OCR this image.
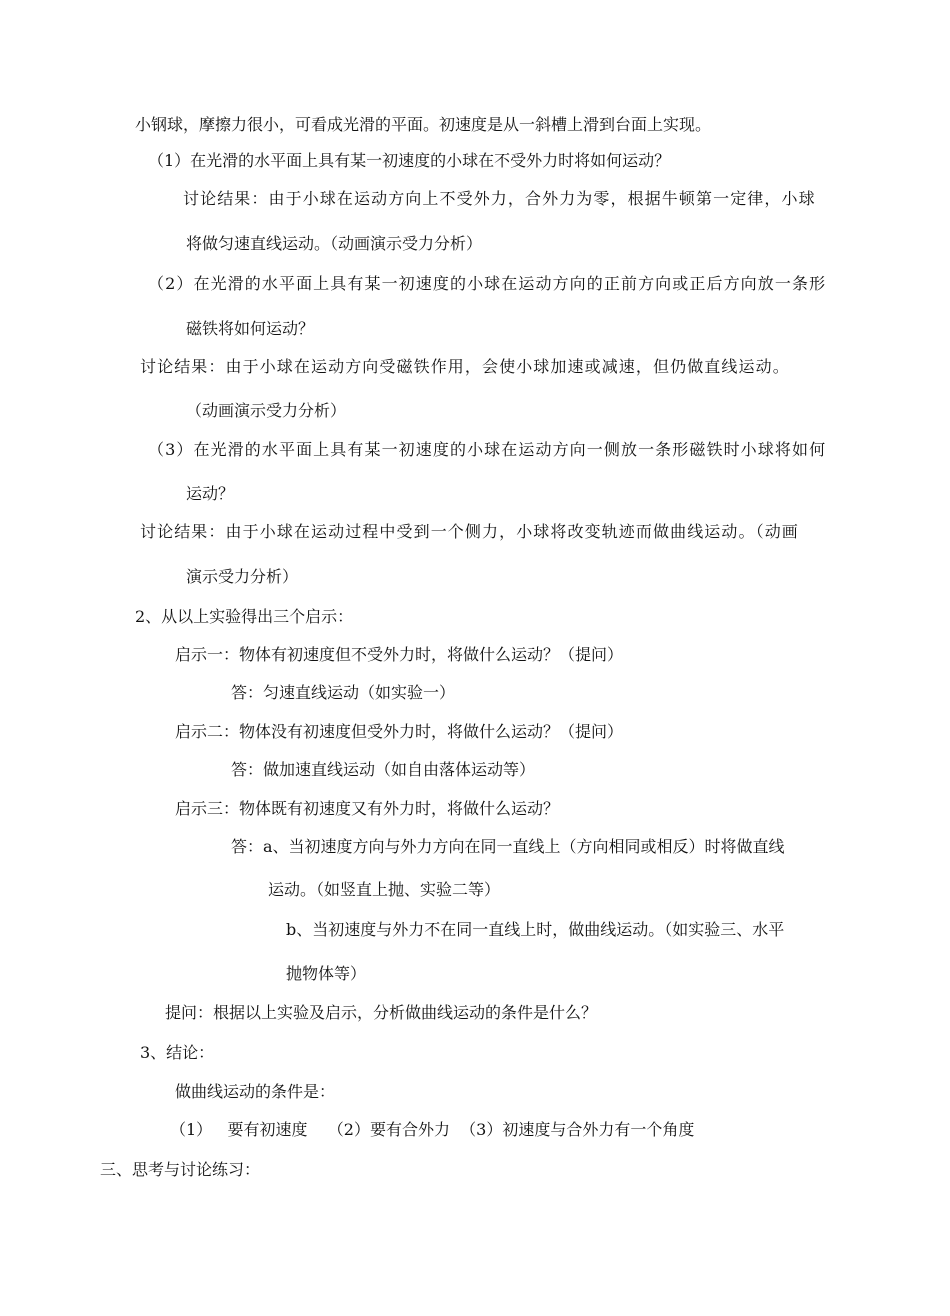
小钢球，摩擦力很小，可看成光滑的平面。初速度是从一斜槽上滑到台面上实现。

（1）在光滑的水平面上具有某一初速度的小球在不受外力时将如何运动？

讨论结果：由于小球在运动方向上不受外力，合外力为零，根据牛顿第一定律，小球

将做匀速直线运动。（动画演示受力分析）

（2）在光滑的水平面上具有某一初速度的小球在运动方向的正前方向或正后方向放一条形

磁铁将如何运动？

讨论结果：由于小球在运动方向受磁铁作用，会使小球加速或减速，但仍做直线运动。

（动画演示受力分析）

（3）在光滑的水平面上具有某一初速度的小球在运动方向一侧放一条形磁铁时小球将如何

运动？

讨论结果：由于小球在运动过程中受到一个侧力，小球将改变轨迹而做曲线运动。（动画

演示受力分析）

2、从以上实验得出三个启示：

启示一：物体有初速度但不受外力时，将做什么运动？（提问）

答：匀速直线运动（如实验一）

启示二：物体没有初速度但受外力时，将做什么运动？（提问）

答：做加速直线运动（如自由落体运动等）

启示三：物体既有初速度又有外力时，将做什么运动？

答：a、当初速度方向与外力方向在同一直线上（方向相同或相反）时将做直线

运动。（如竖直上抛、实验二等）

b、当初速度与外力不在同一直线上时，做曲线运动。（如实验三、水平

抛物体等）

提问：根据以上实验及启示，分析做曲线运动的条件是什么？

3、结论：

做曲线运动的条件是：

（1）   要有初速度    （2）要有合外力  （3）初速度与合外力有一个角度

三、思考与讨论练习：
